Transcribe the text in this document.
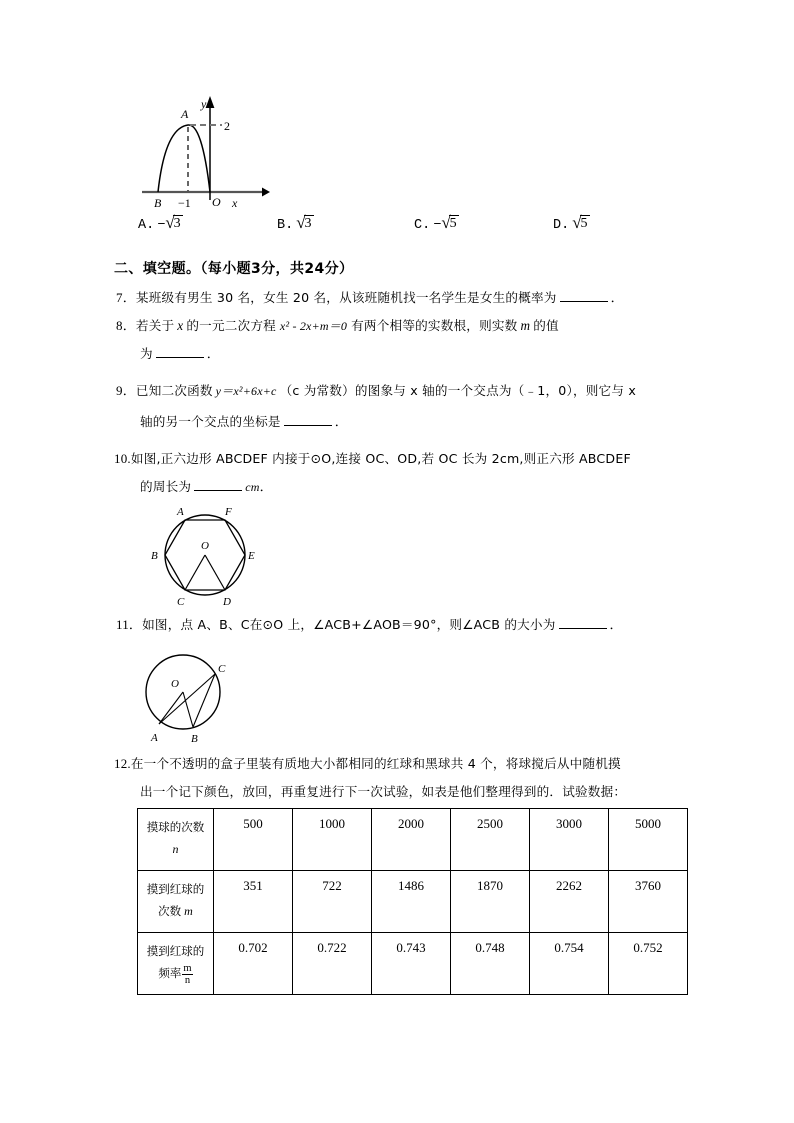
A
2
B −1 O x
y
A. − √ 3	B. √ 3	C. − √ 5	D. √ 5
二、填空题。（每小题3分，共24分）
7．某班级有男生 30 名，女生 20 名，从该班随机找一名学生是女生的概率为	．
8．若关于 x 的一元二次方程 x² - 2x+m＝0 有两个相等的实数根，则实数 m 的值
为	．
9．已知二次函数 y＝x²+6x+c （c 为常数）的图象与 x 轴的一个交点为（﹣1，0），则它与 x
轴的另一个交点的坐标是	．
10.如图,正六边形 ABCDEF 内接于⊙O,连接 OC、OD,若 OC 长为 2cm,则正六形 ABCDEF
的周长为	cm．
A	F
B	E
C	D
O
11．如图，点 A、B、C在⊙O 上，∠ACB+∠AOB＝90°，则∠ACB 的大小为	．
O
C
A	B
12.在一个不透明的盒子里装有质地大小都相同的红球和黑球共 4 个，将球搅后从中随机摸
出一个记下颜色，放回，再重复进行下一次试验，如表是他们整理得到的．试验数据：
摸球的次数
n	500	1000	2000	2500	3000	5000

摸到红球的
次数 m	351	722	1486	1870	2262	3760

摸到红球的
频率 $\frac{m}{n}$	0.702	0.722	0.743	0.748	0.754	0.752
